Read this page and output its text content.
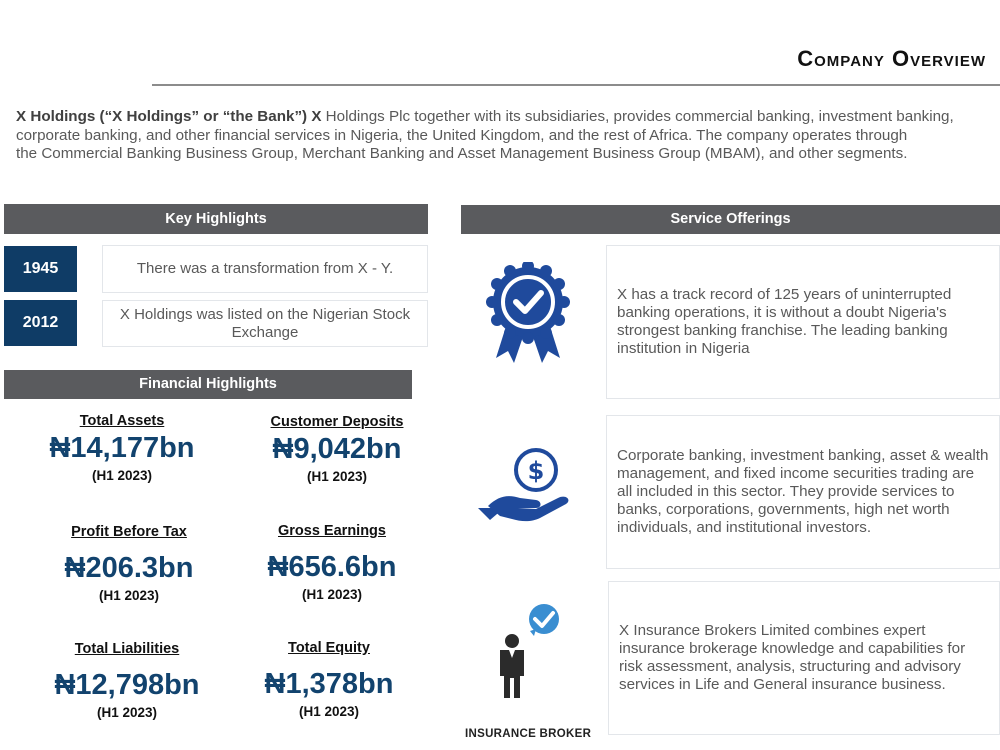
Company Overview
X Holdings (“X Holdings” or “the Bank”) X Holdings Plc together with its subsidiaries, provides commercial banking, investment banking,
corporate banking, and other financial services in Nigeria, the United Kingdom, and the rest of Africa. The company operates through
the Commercial Banking Business Group, Merchant Banking and Asset Management Business Group (MBAM), and other segments.
Key Highlights
1945	There was a transformation from X - Y.
2012	X Holdings was listed on the Nigerian Stock Exchange
Financial Highlights
Total Assets
₦14,177bn
(H1 2023)
Customer Deposits
₦9,042bn
(H1 2023)
Profit Before Tax
₦206.3bn
(H1 2023)
Gross Earnings
₦656.6bn
(H1 2023)
Total Liabilities
₦12,798bn
(H1 2023)
Total Equity
₦1,378bn
(H1 2023)
Service Offerings
X has a track record of 125 years of uninterrupted banking operations, it is without a doubt Nigeria's strongest banking franchise. The leading banking institution in Nigeria
$
Corporate banking, investment banking, asset & wealth management, and fixed income securities trading are all included in this sector. They provide services to banks, corporations, governments, high net worth individuals, and institutional investors.
INSURANCE BROKER
X Insurance Brokers Limited combines expert insurance brokerage knowledge and capabilities for risk assessment, analysis, structuring and advisory services in Life and General insurance business.
